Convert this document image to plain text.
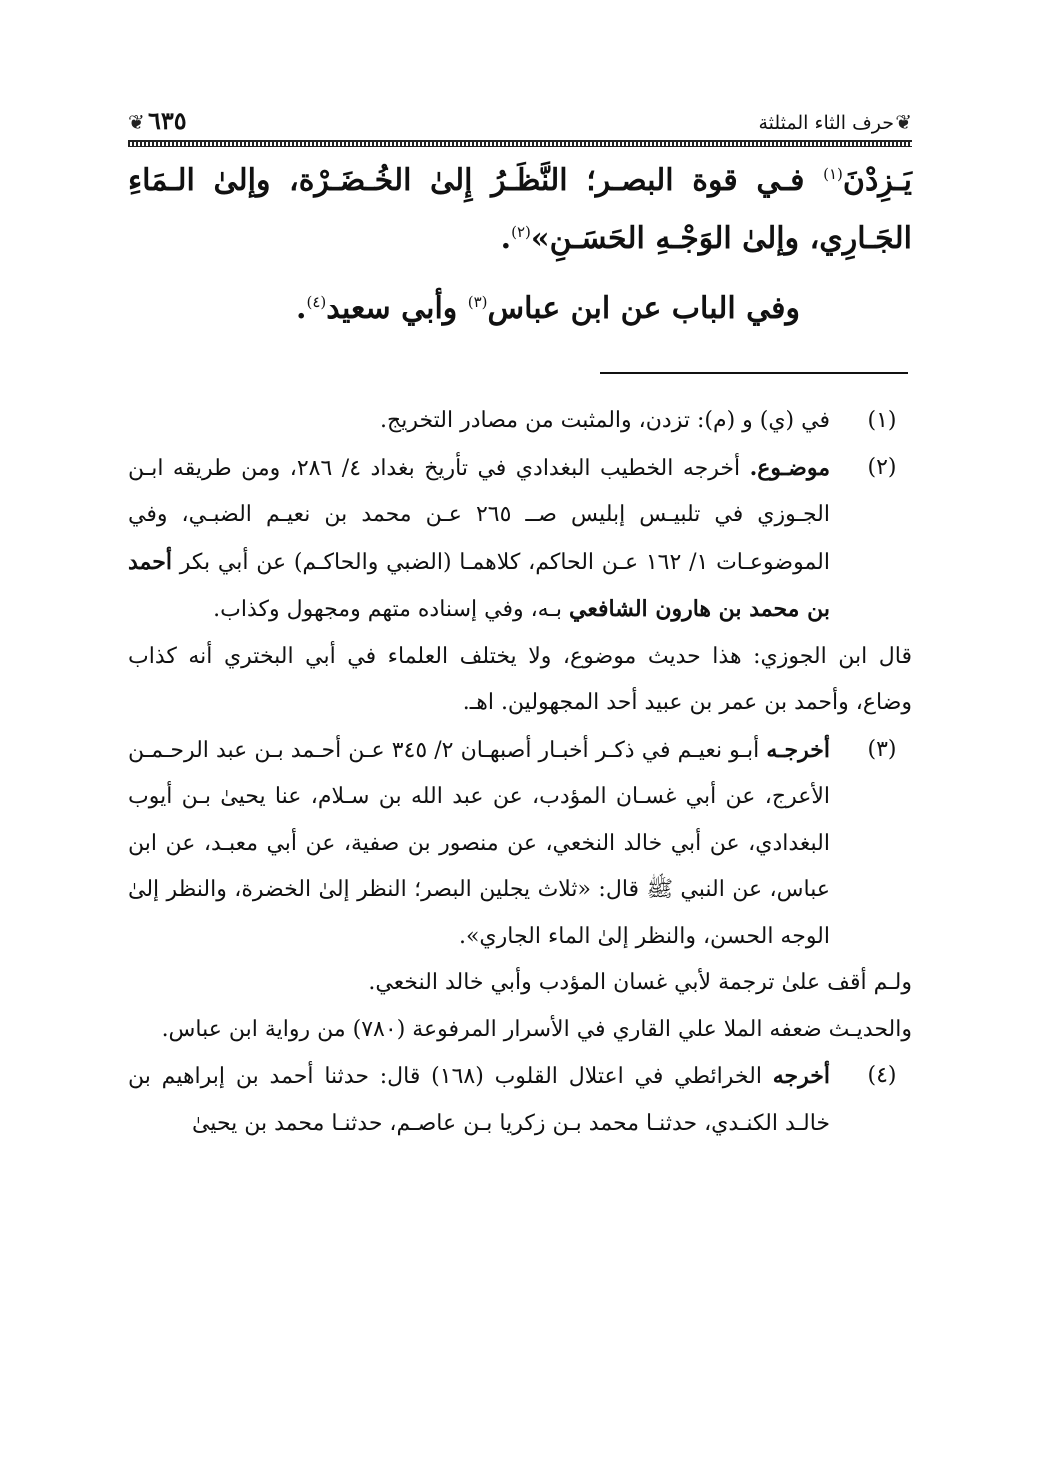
❦ ٦٣٥	حرف الثاء المثلثة ❦

يَـزِدْنَ$^{(١)}$ فـي قوة البصـر؛ النَّظَـرُ إِلىٰ الخُـضَـرْة، وإلىٰ الـمَاءِ الجَـارِي، وإلىٰ الوَجْـهِ الحَسَـنِ»$^{(٢)}$.

وفي الباب عن ابن عباس$^{(٣)}$ وأبي سعيد$^{(٤)}$.

(١)

في (ي) و (م): تزدن، والمثبت من مصادر التخريج.

(٢)

موضـوع. أخرجه الخطيب البغدادي في تأريخ بغداد ٤/ ٢٨٦، ومن طريقه ابـن الجـوزي في تلبيـس إبليس صــ ٢٦٥ عـن محمد بن نعيـم الضبـي، وفي الموضوعـات ١/ ١٦٢ عـن الحاكم، كلاهمـا (الضبي والحاكـم) عن أبي بكر أحمد بن محمد بن هارون الشافعي بـه، وفي إسناده متهم ومجهول وكذاب.

قال ابن الجوزي: هذا حديث موضوع، ولا يختلف العلماء في أبي البختري أنه كذاب وضاع، وأحمد بن عمر بن عبيد أحد المجهولين. اهـ.

(٣)

أخرجـه أبـو نعيـم في ذكـر أخبـار أصبهـان ٢/ ٣٤٥ عـن أحـمد بـن عبد الرحـمـن الأعرج، عن أبي غسـان المؤدب، عن عبد الله بن سـلام، عنا يحيىٰ بـن أيوب البغدادي، عن أبي خالد النخعي، عن منصور بن صفية، عن أبي معبـد، عن ابن عباس، عن النبي ﷺ قال: «ثلاث يجلين البصر؛ النظر إلىٰ الخضرة، والنظر إلىٰ الوجه الحسن، والنظر إلىٰ الماء الجاري».

ولـم أقف علىٰ ترجمة لأبي غسان المؤدب وأبي خالد النخعي.

والحديـث ضعفه الملا علي القاري في الأسرار المرفوعة (٧٨٠) من رواية ابن عباس.

(٤)

أخرجه الخرائطي في اعتلال القلوب (١٦٨) قال: حدثنا أحمد بن إبراهيم بن خالـد الكنـدي، حدثنـا محمد بـن زكريا بـن عاصـم، حدثنـا محمد بن يحيىٰ
